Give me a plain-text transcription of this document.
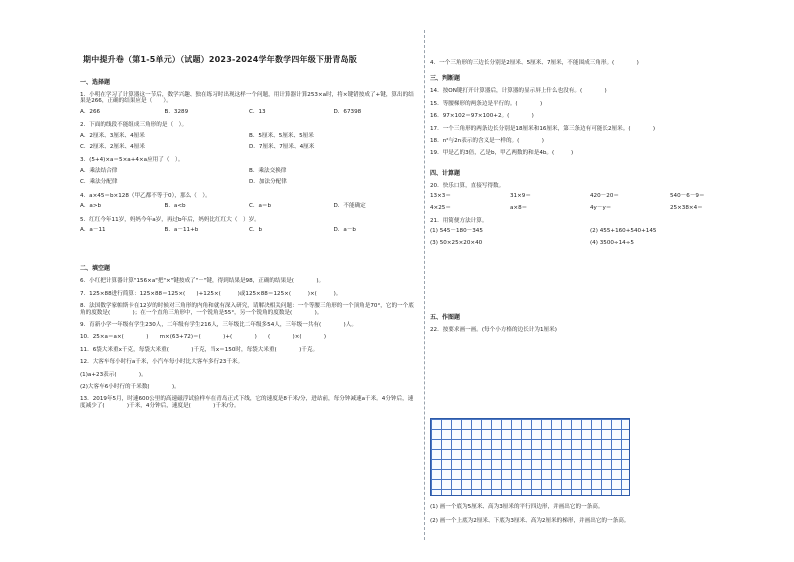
期中提升卷（第1-5单元）（试题）2023-2024学年数学四年级下册青岛版
一、选择题
1．小明在学习了计算器这一节后，数学兴趣、独在练习时出现这样一个问题，用计算器计算253×a时，将×键错按成了+键，算出的结果是266，正确的结果应是（　　）。
A．266	B．3289	C．13	D．67398
2．下面的线段不能组成三角形的是（　）。
A．2厘米、3厘米、4厘米	B．5厘米、5厘米、5厘米
C．2厘米、2厘米、4厘米	D．7厘米、7厘米、4厘米
3．(5+4)×a＝5×a+4×a应用了（　）。
A．乘法结合律	B．乘法交换律
C．乘法分配律	D．加法分配律
4．a×45＝b×128（甲乙都不等于0），那么（　）。
A．a>b	B．a<b	C．a＝b	D．不能确定
5．红红今年11岁，妈妈今年a岁，再过b年后，妈妈比红红大（　）岁。
A．a－11	B．a－11+b	C．b	D．a－b
二、填空题
6．小红把计算器计算"156×a"把"×"键按成了"－"键，得到结果是98，正确的结果是(　　　　)。
7．125×88进行简算：125×88＝125×(　　)+125×(　　　)或125×88＝125×(　　　)×(　　　)。
8．法国数学家帕斯卡在12岁的时候对三角形的内角和就有深入研究，请解决相关问题：一个等腰三角形的一个顶角是70°，它的一个底角的度数是(　　　　)；在一个直角三角形中，一个锐角是55°，另一个锐角的度数是(　　　　)。
9．育新小学一年级有学生230人，二年级有学生216人，三年级比二年级多54人，三年级一共有(　　　　)人。
10．25×a＝a×(　　　　)　　m×(63+72)＝(　　　　)+(　　　　)　　(　　　　)×(　　　　)
11．6袋大米重x千克，每袋大米重(　　　　)千克，当x＝150时，每袋大米重(　　　　)千克。
12．大客车每小时行a千米，小汽车每小时比大客车多行23千米。
(1)a+23表示(　　　　)。
(2)大客车6小时行的千米数(　　　　)。
13．2019年5月，时速600公里的高速磁浮试验样车在青岛正式下线，它的速度是8千米/分，进站前，每分钟减速a千米。4分钟后，速度减少了(　　　　)千米，4分钟后，速度是(　　　　)千米/分。
4．一个三角形的三边长分别是2厘米、5厘米、7厘米，不能围成三角形。(　　　　)
三、判断题
14．按ON键打开计算器后，计算器的显示屏上什么也没有。(　　　　)
15．等腰梯形的两条边是平行的。(　　　　)
16．97×102＝97×100+2。(　　　　)
17．一个三角形的两条边长分别是18厘米和16厘米，第三条边有可能长2厘米。(　　　　)
18．n²与2n表示的含义是一样的。(　　　　)
19．甲是乙的3倍，乙是b，甲乙两数的和是4b。(　　　)
四、计算题
20．快乐口算，直接写得数。
13×3＝	31×9＝	420－20＝	540－6－9＝
4×25＝	a×8＝	4y－y＝	25×38×4＝
21．用简便方法计算。
(1) 545－180－345	(2) 455+160+540+145
(3) 50×25×20×40	(4) 3500÷14÷5
五、作图题
22．按要求画一画。(每个小方格的边长计为1厘米)
(1) 画一个底为5厘米、高为3厘米的平行四边形，并画出它的一条高。
(2) 画一个上底为2厘米、下底为3厘米、高为2厘米的梯形，并画出它的一条高。
